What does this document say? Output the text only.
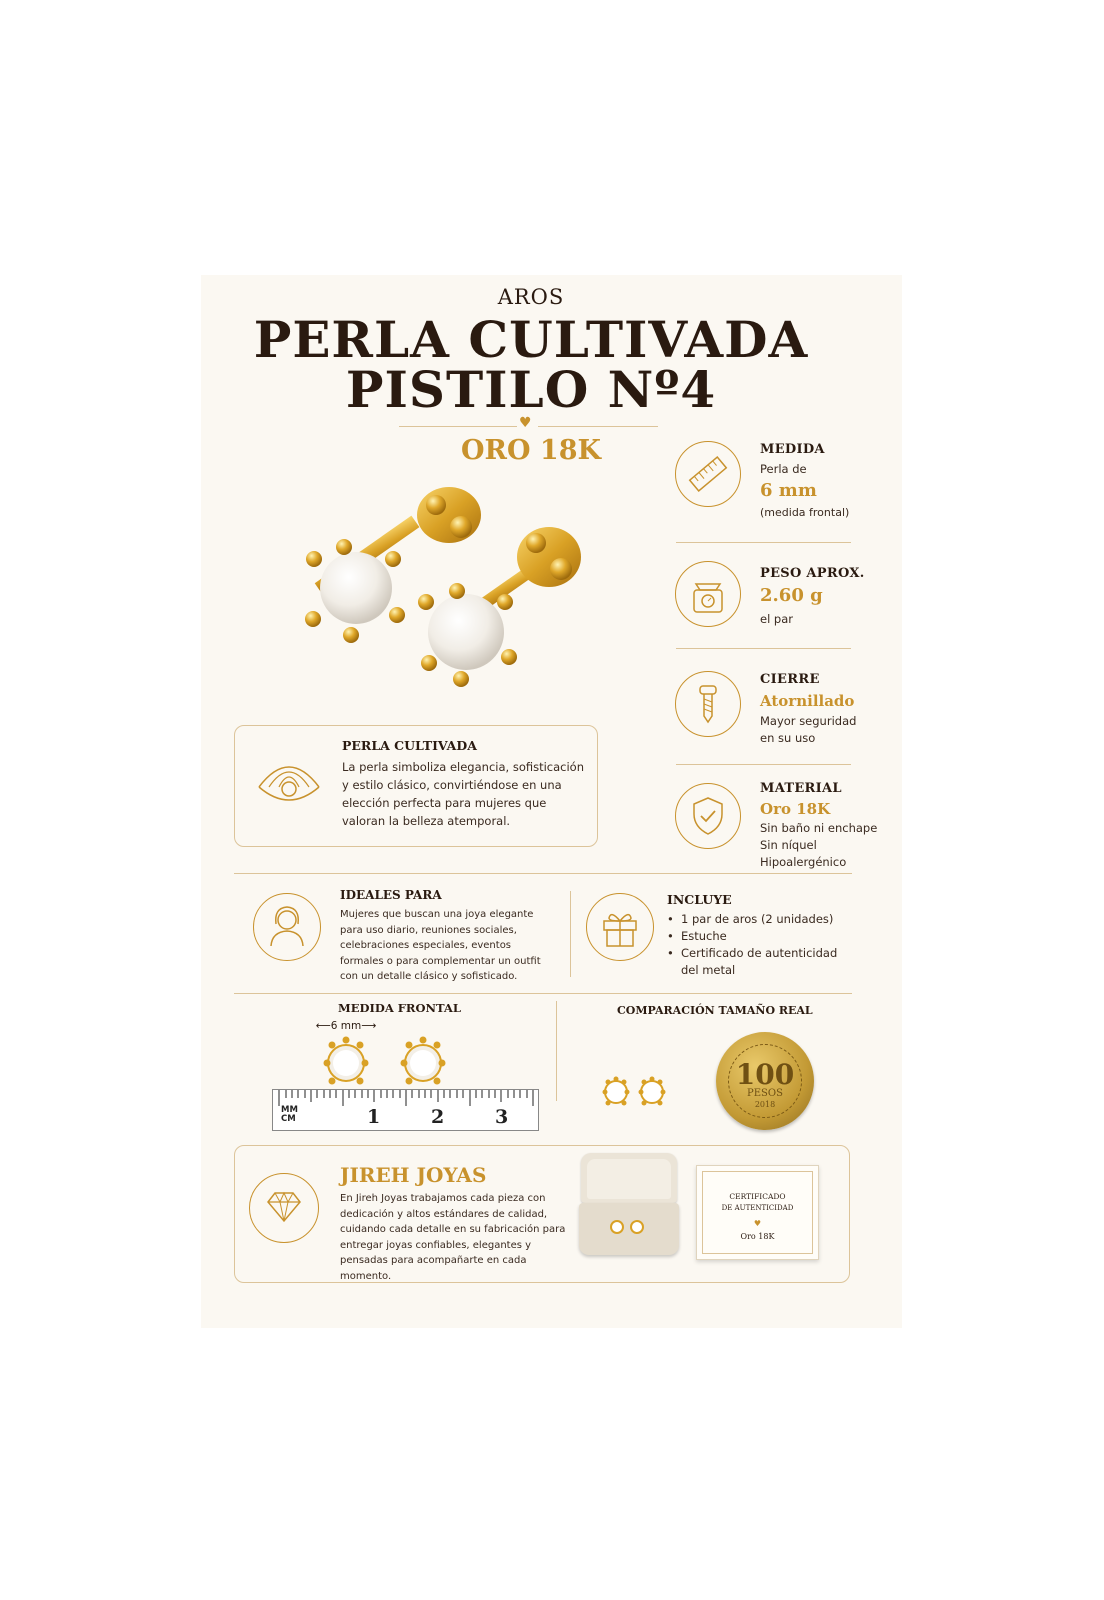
AROS
PERLA CULTIVADA
PISTILO Nº4
♥
ORO 18K	MEDIDA
Perla de
6 mm
(medida frontal)
PESO APROX.
2.60 g
el par
CIERRE
Atornillado
Mayor seguridad
en su uso
MATERIAL
Oro 18K
Sin baño ni enchape
Sin níquel
Hipoalergénico
PERLA CULTIVADA
La perla simboliza elegancia, sofisticación y estilo clásico, convirtiéndose en una elección perfecta para mujeres que valoran la belleza atemporal.
IDEALES PARA
Mujeres que buscan una joya elegante para uso diario, reuniones sociales, celebraciones especiales, eventos formales o para complementar un outfit con un detalle clásico y sofisticado.
INCLUYE
• 1 par de aros (2 unidades)
• Estuche
• Certificado de autenticidad del metal
MEDIDA FRONTAL
⟵6 mm⟶
MM CM	1	2	3
COMPARACIÓN TAMAÑO REAL
100
PESOS
2018
JIREH JOYAS
En Jireh Joyas trabajamos cada pieza con dedicación y altos estándares de calidad, cuidando cada detalle en su fabricación para entregar joyas confiables, elegantes y pensadas para acompañarte en cada momento.
CERTIFICADO
DE AUTENTICIDAD
♥
Oro 18K
